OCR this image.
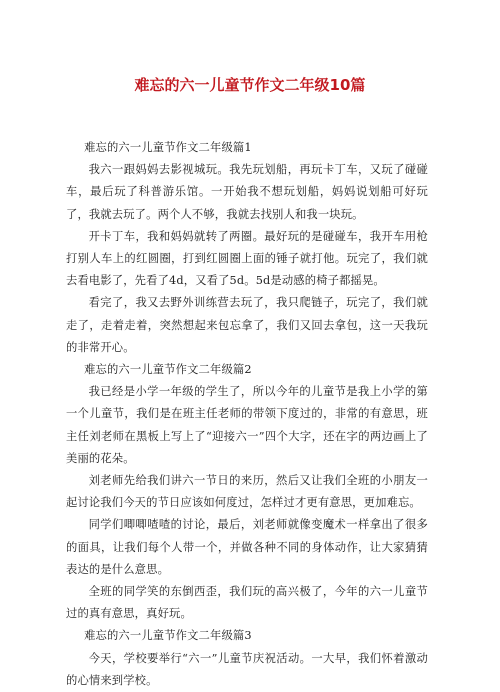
难忘的六一儿童节作文二年级10篇

难忘的六一儿童节作文二年级篇1

我六一跟妈妈去影视城玩。我先玩划船，再玩卡丁车，又玩了碰碰车，最后玩了科普游乐馆。一开始我不想玩划船，妈妈说划船可好玩了，我就去玩了。两个人不够，我就去找别人和我一块玩。

开卡丁车，我和妈妈就转了两圈。最好玩的是碰碰车，我开车用枪打别人车上的红圆圈，打到红圆圈上面的锤子就打他。玩完了，我们就去看电影了，先看了4d，又看了5d。5d是动感的椅子都摇晃。

看完了，我又去野外训练营去玩了，我只爬链子，玩完了，我们就走了，走着走着，突然想起来包忘拿了，我们又回去拿包，这一天我玩的非常开心。

难忘的六一儿童节作文二年级篇2

我已经是小学一年级的学生了，所以今年的儿童节是我上小学的第一个儿童节，我们是在班主任老师的带领下度过的，非常的有意思，班主任刘老师在黑板上写上了“迎接六一”四个大字，还在字的两边画上了美丽的花朵。

刘老师先给我们讲六一节日的来历，然后又让我们全班的小朋友一起讨论我们今天的节日应该如何度过，怎样过才更有意思，更加难忘。

同学们唧唧喳喳的讨论，最后，刘老师就像变魔术一样拿出了很多的面具，让我们每个人带一个，并做各种不同的身体动作，让大家猜猜表达的是什么意思。

全班的同学笑的东倒西歪，我们玩的高兴极了，今年的六一儿童节过的真有意思，真好玩。

难忘的六一儿童节作文二年级篇3

今天，学校要举行“六一”儿童节庆祝活动。一大早，我们怀着激动的心情来到学校。
